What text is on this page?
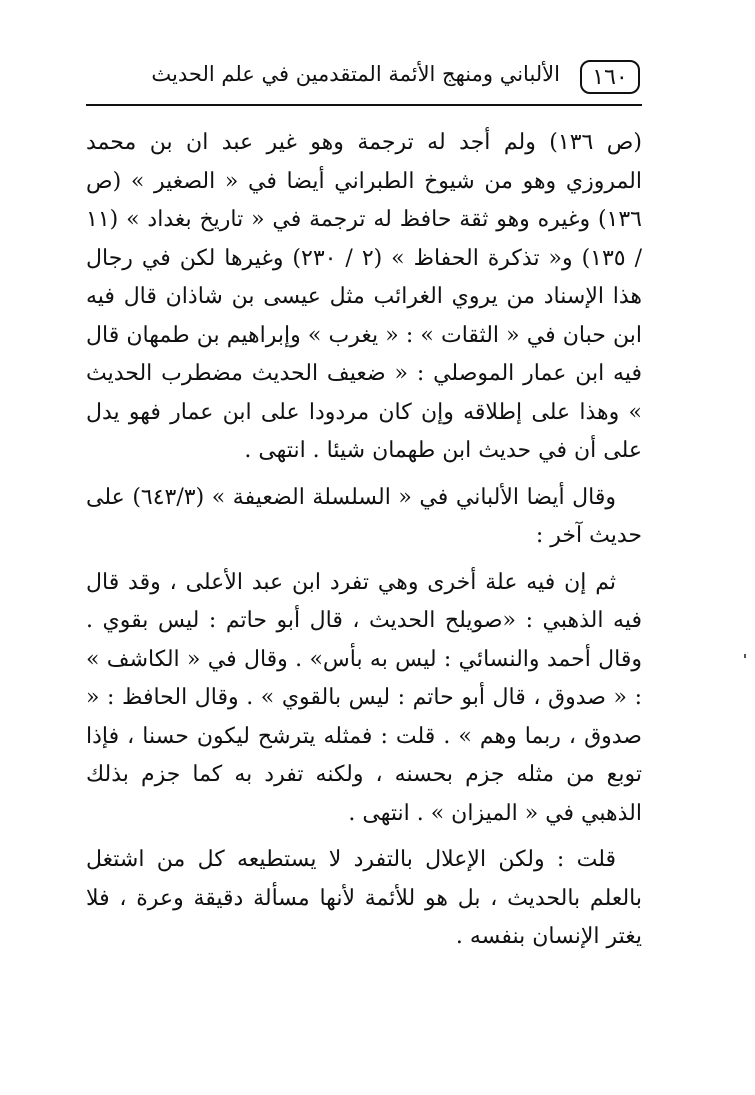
١٦٠
الألباني ومنهج الأئمة المتقدمين في علم الحديث

(ص ١٣٦) ولم أجد له ترجمة وهو غير عبد ان بن محمد المروزي وهو من شيوخ الطبراني أيضا في « الصغير » (ص ١٣٦) وغيره وهو ثقة حافظ له ترجمة في « تاريخ بغداد » (١١ / ١٣٥) و« تذكرة الحفاظ » (٢ / ٢٣٠) وغيرها لكن في رجال هذا الإسناد من يروي الغرائب مثل عيسى بن شاذان قال فيه ابن حبان في « الثقات » : « يغرب » وإبراهيم بن طمهان قال فيه ابن عمار الموصلي : « ضعيف الحديث مضطرب الحديث » وهذا على إطلاقه وإن كان مردودا على ابن عمار فهو يدل على أن في حديث ابن طهمان شيئا . انتهى .

وقال أيضا الألباني في « السلسلة الضعيفة » (٦٤٣/٣) على حديث آخر :

ثم إن فيه علة أخرى وهي تفرد ابن عبد الأعلى ، وقد قال فيه الذهبي : «صويلح الحديث ، قال أبو حاتم : ليس بقوي . وقال أحمد والنسائي : ليس به بأس» . وقال في « الكاشف » : « صدوق ، قال أبو حاتم : ليس بالقوي » . وقال الحافظ : « صدوق ، ربما وهم » . قلت : فمثله يترشح ليكون حسنا ، فإذا توبع من مثله جزم بحسنه ، ولكنه تفرد به كما جزم بذلك الذهبي في « الميزان » . انتهى .

قلت : ولكن الإعلال بالتفرد لا يستطيعه كل من اشتغل بالعلم بالحديث ، بل هو للأئمة لأنها مسألة دقيقة وعرة ، فلا يغتر الإنسان بنفسه .
